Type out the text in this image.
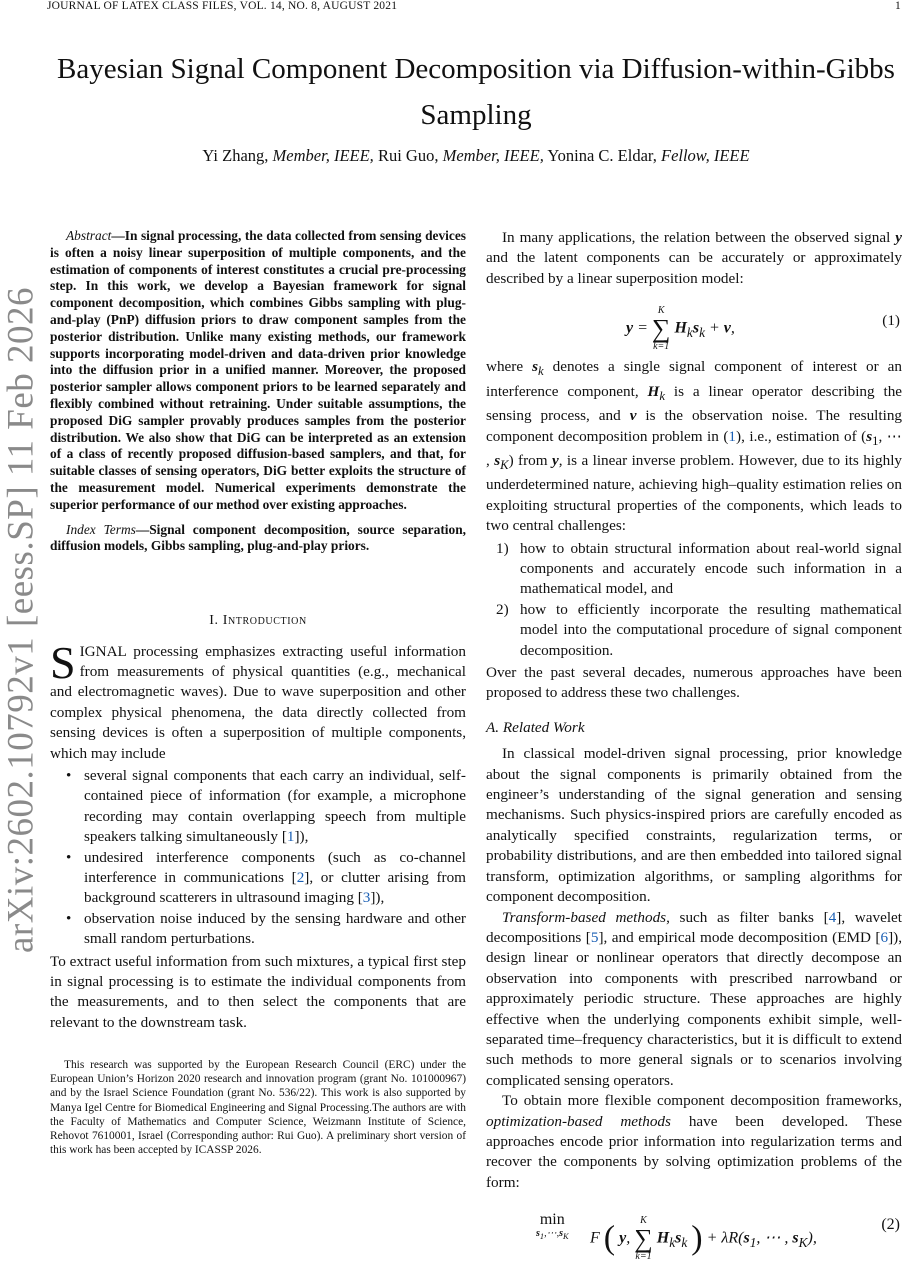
JOURNAL OF LATEX CLASS FILES, VOL. 14, NO. 8, AUGUST 2021	1
arXiv:2602.10792v1 [eess.SP] 11 Feb 2026
Bayesian Signal Component Decomposition via Diffusion-within-Gibbs Sampling
Yi Zhang, Member, IEEE, Rui Guo, Member, IEEE, Yonina C. Eldar, Fellow, IEEE

Abstract—In signal processing, the data collected from sensing devices is often a noisy linear superposition of multiple components, and the estimation of components of interest constitutes a crucial pre-processing step. In this work, we develop a Bayesian framework for signal component decomposition, which combines Gibbs sampling with plug-and-play (PnP) diffusion priors to draw component samples from the posterior distribution. Unlike many existing methods, our framework supports incorporating model-driven and data-driven prior knowledge into the diffusion prior in a unified manner. Moreover, the proposed posterior sampler allows component priors to be learned separately and flexibly combined without retraining. Under suitable assumptions, the proposed DiG sampler provably produces samples from the posterior distribution. We also show that DiG can be interpreted as an extension of a class of recently proposed diffusion-based samplers, and that, for suitable classes of sensing operators, DiG better exploits the structure of the measurement model. Numerical experiments demonstrate the superior performance of our method over existing approaches.

Index Terms—Signal component decomposition, source separation, diffusion models, Gibbs sampling, plug-and-play priors.

I. Introduction

SIGNAL processing emphasizes extracting useful information from measurements of physical quantities (e.g., mechanical and electromagnetic waves). Due to wave superposition and other complex physical phenomena, the data directly collected from sensing devices is often a superposition of multiple components, which may include

• several signal components that each carry an individual, self-contained piece of information (for example, a microphone recording may contain overlapping speech from multiple speakers talking simultaneously [1]),
• undesired interference components (such as co-channel interference in communications [2], or clutter arising from background scatterers in ultrasound imaging [3]),
• observation noise induced by the sensing hardware and other small random perturbations.

To extract useful information from such mixtures, a typical first step in signal processing is to estimate the individual components from the measurements, and to then select the components that are relevant to the downstream task.

This research was supported by the European Research Council (ERC) under the European Union’s Horizon 2020 research and innovation program (grant No. 101000967) and by the Israel Science Foundation (grant No. 536/22). This work is also supported by Manya Igel Centre for Biomedical Engineering and Signal Processing.The authors are with the Faculty of Mathematics and Computer Science, Weizmann Institute of Science, Rehovot 7610001, Israel (Corresponding author: Rui Guo). A preliminary short version of this work has been accepted by ICASSP 2026.

In many applications, the relation between the observed signal y and the latent components can be accurately or approximately described by a linear superposition model:

y =
K
∑
k=1
$H_ks_k + v$,	(1)

where $s_k$ denotes a single signal component of interest or an interference component, $H_k$ is a linear operator describing the sensing process, and v is the observation noise. The resulting component decomposition problem in (1), i.e., estimation of ($s_1$, ⋯ , $s_K$) from y, is a linear inverse problem. However, due to its highly underdetermined nature, achieving high–quality estimation relies on exploiting structural properties of the components, which leads to two central challenges:

1) how to obtain structural information about real-world signal components and accurately encode such information in a mathematical model, and
2) how to efficiently incorporate the resulting mathematical model into the computational procedure of signal component decomposition.

Over the past several decades, numerous approaches have been proposed to address these two challenges.

A. Related Work

In classical model-driven signal processing, prior knowledge about the signal components is primarily obtained from the engineer’s understanding of the signal generation and sensing mechanisms. Such physics-inspired priors are carefully encoded as analytically specified constraints, regularization terms, or probability distributions, and are then embedded into tailored signal transform, optimization algorithms, or sampling algorithms for component decomposition.

Transform-based methods, such as filter banks [4], wavelet decompositions [5], and empirical mode decomposition (EMD [6]), design linear or nonlinear operators that directly decompose an observation into components with prescribed narrowband or approximately periodic structure. These approaches are highly effective when the underlying components exhibit simple, well-separated time–frequency characteristics, but it is difficult to extend such methods to more general signals or to scenarios involving complicated sensing operators.

To obtain more flexible component decomposition frameworks, optimization-based methods have been developed. These approaches encode prior information into regularization terms and recover the components by solving optimization problems of the form:

min
$s_1,\cdots,s_K$ F ( y,
K
∑
k=1
$H_ks_k$ ) + $\lambda R(s_1$, ⋯ , $s_K$),
(2)
